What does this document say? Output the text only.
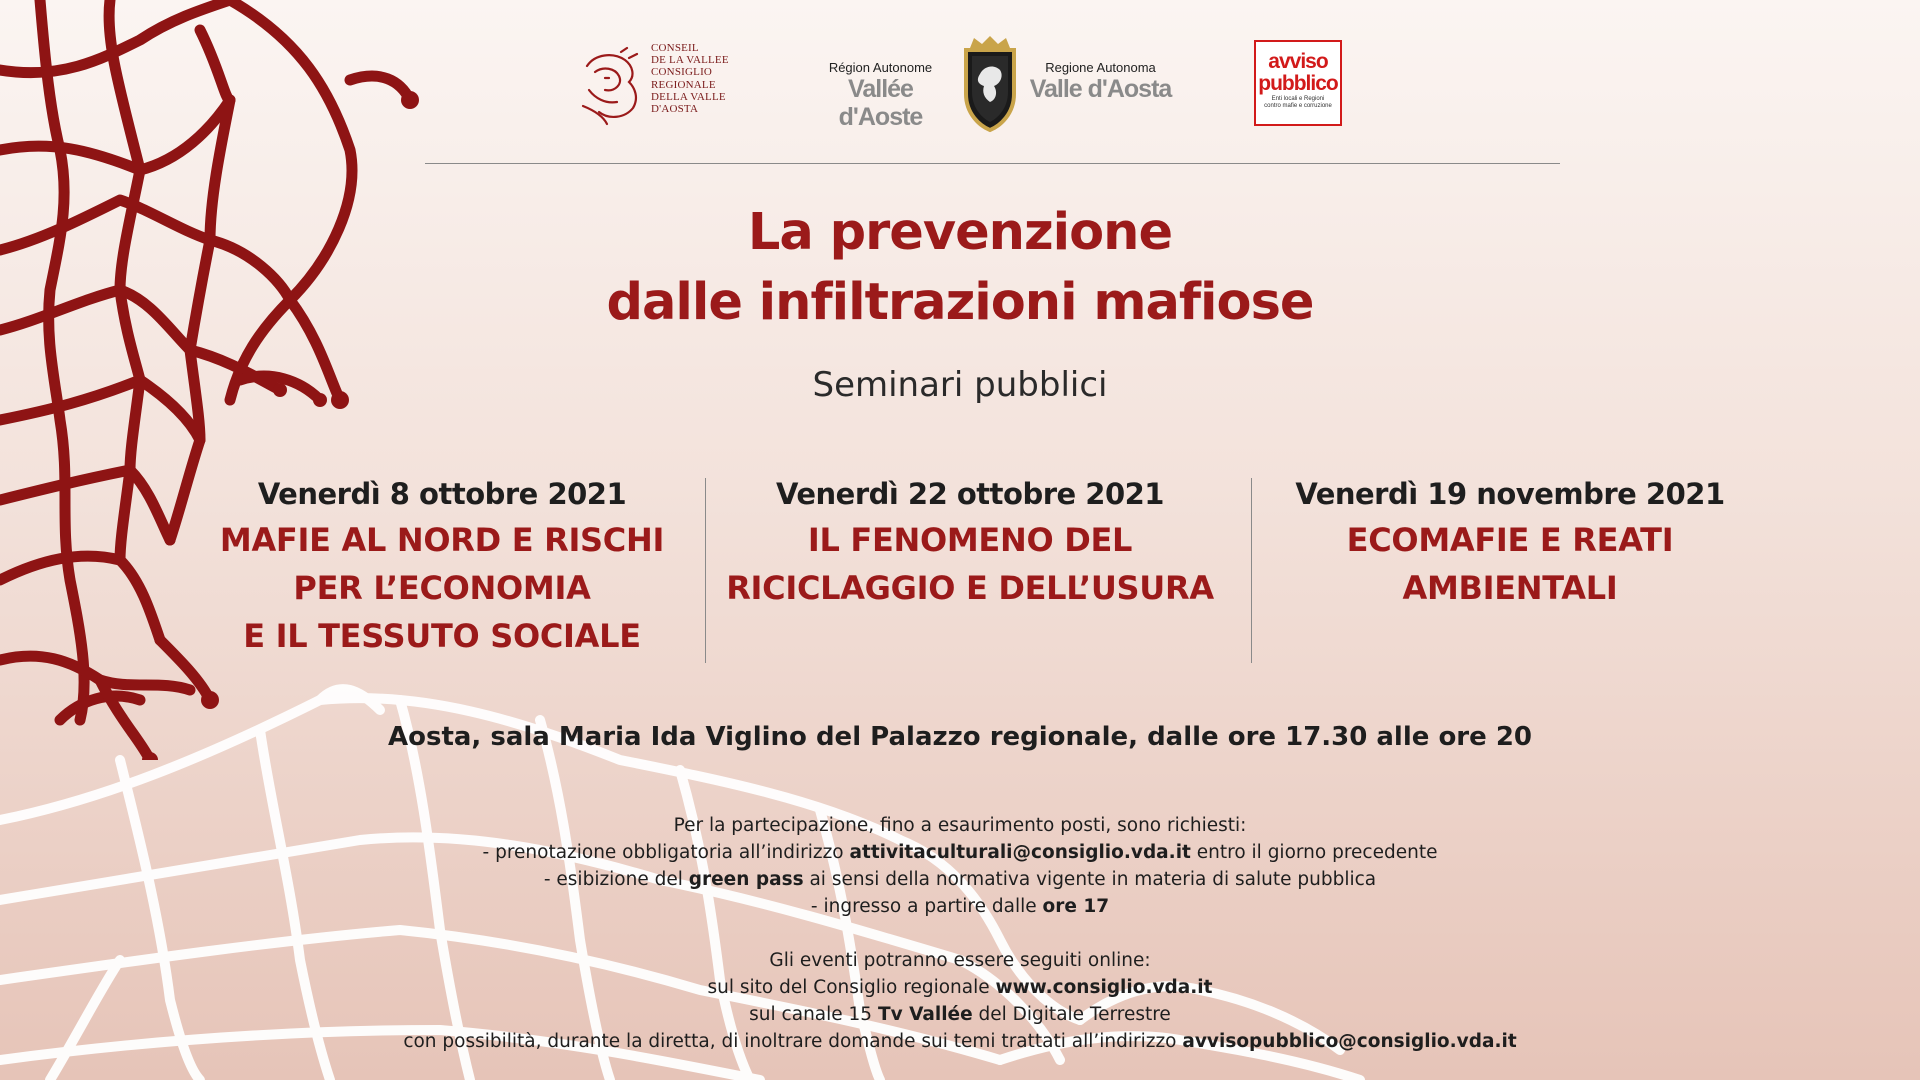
CONSEIL
DE LA VALLEE
CONSIGLIO
REGIONALE
DELLA VALLE
D'AOSTA
Région Autonome
Vallée d'Aoste
Regione Autonoma
Valle d'Aosta
avviso
pubblico
Enti locali e Regioni
contro mafie e corruzione
La prevenzione
dalle infiltrazioni mafiose
Seminari pubblici
Venerdì 8 ottobre 2021
MAFIE AL NORD E RISCHI
PER L’ECONOMIA
E IL TESSUTO SOCIALE
Venerdì 22 ottobre 2021
IL FENOMENO DEL
RICICLAGGIO E DELL’USURA
Venerdì 19 novembre 2021
ECOMAFIE E REATI
AMBIENTALI
Aosta, sala Maria Ida Viglino del Palazzo regionale, dalle ore 17.30 alle ore 20
Per la partecipazione, fino a esaurimento posti, sono richiesti:
- prenotazione obbligatoria all’indirizzo attivitaculturali@consiglio.vda.it entro il giorno precedente
- esibizione del green pass ai sensi della normativa vigente in materia di salute pubblica
- ingresso a partire dalle ore 17
Gli eventi potranno essere seguiti online:
sul sito del Consiglio regionale www.consiglio.vda.it
sul canale 15 Tv Vallée del Digitale Terrestre
con possibilità, durante la diretta, di inoltrare domande sui temi trattati all’indirizzo avvisopubblico@consiglio.vda.it
